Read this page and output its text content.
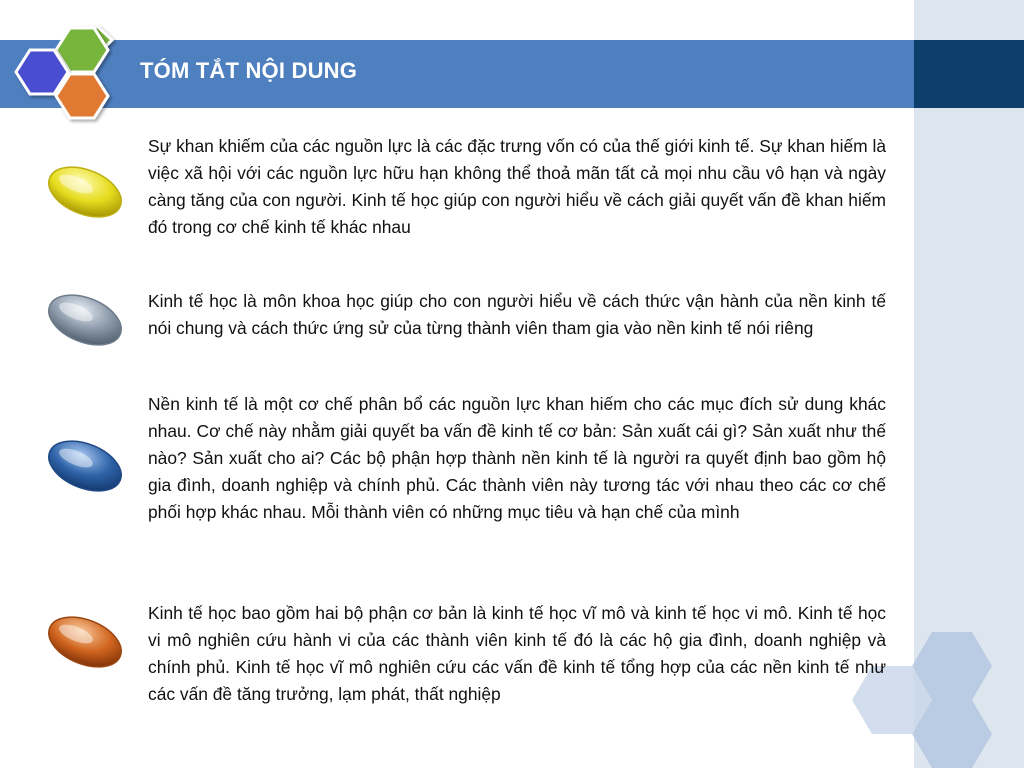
TÓM TẮT NỘI DUNG

Sự khan khiếm của các nguồn lực là các đặc trưng vốn có của thế giới kinh tế. Sự khan hiếm là việc xã hội với các nguồn lực hữu hạn không thể thoả mãn tất cả mọi nhu cầu vô hạn và ngày càng tăng của con người. Kinh tế học giúp con người hiểu về cách giải quyết vấn đề khan hiếm đó trong cơ chế kinh tế khác nhau

Kinh tế học là môn khoa học giúp cho con người hiểu về cách thức vận hành của nền kinh tế nói chung và cách thức ứng sử của từng thành viên tham gia vào nền kinh tế nói riêng

Nền kinh tế là một cơ chế phân bổ các nguồn lực khan hiếm cho các mục đích sử dung khác nhau. Cơ chế này nhằm giải quyết ba vấn đề kinh tế cơ bản: Sản xuất cái gì? Sản xuất như thế nào? Sản xuất cho ai? Các bộ phận hợp thành nền kinh tế là người ra quyết định bao gồm hộ gia đình, doanh nghiệp và chính phủ. Các thành viên này tương tác với nhau theo các cơ chế phối hợp khác nhau. Mỗi thành viên có những mục tiêu và hạn chế của mình

Kinh tế học bao gồm hai bộ phận cơ bản là kinh tế học vĩ mô và kinh tế học vi mô. Kinh tế học vi mô nghiên cứu hành vi của các thành viên kinh tế đó là các hộ gia đình, doanh nghiệp và chính phủ. Kinh tế học vĩ mô nghiên cứu các vấn đề kinh tế tổng hợp của các nền kinh tế như các vấn đề tăng trưởng, lạm phát, thất nghiệp
